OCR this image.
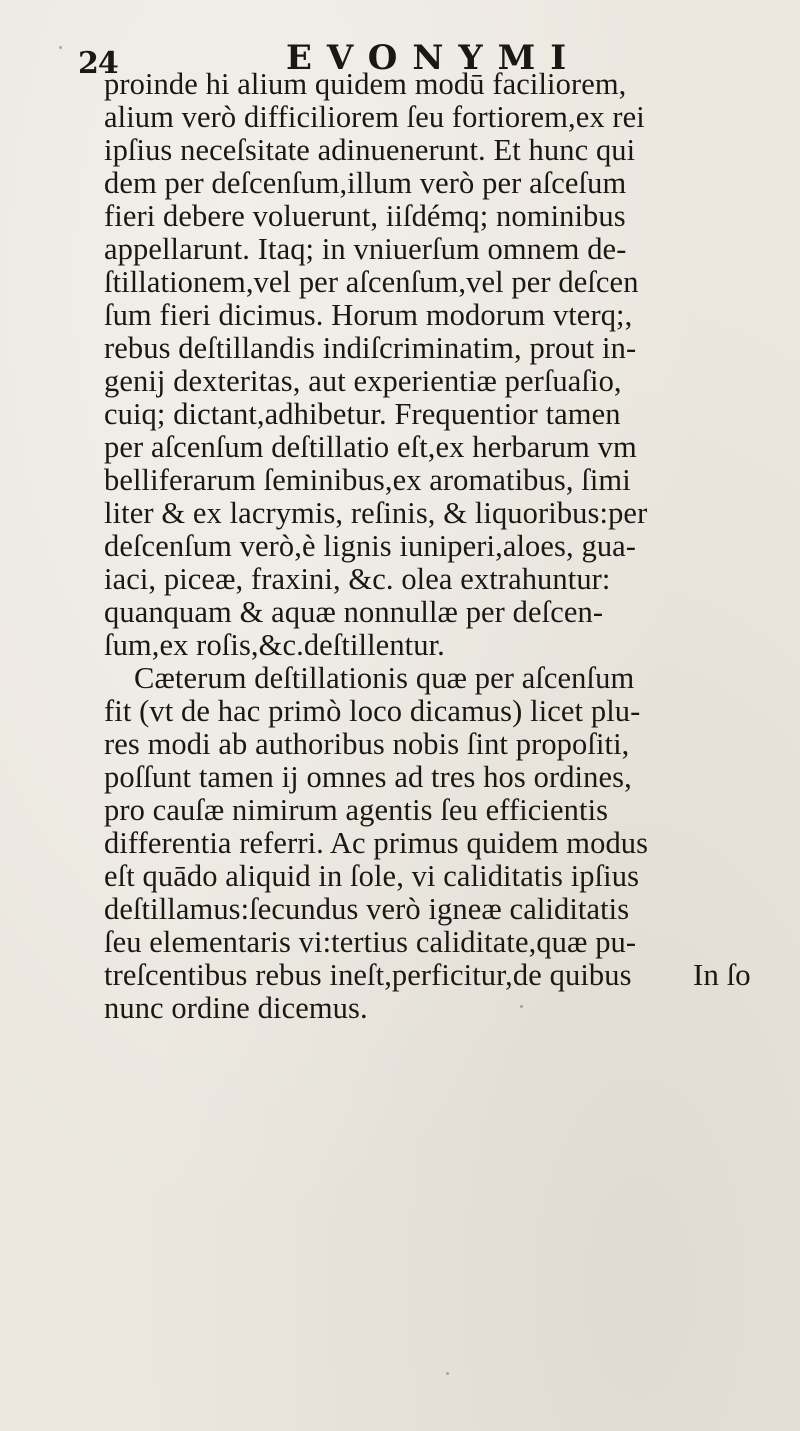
24	EVONYMI
proinde hi alium quidem modū faciliorem,
alium verò difficiliorem ſeu fortiorem,ex rei
ipſius neceſsitate adinuenerunt. Et hunc qui
dem per deſcenſum,illum verò per aſceſum
fieri debere voluerunt, iiſdémq; nominibus
appellarunt. Itaq; in vniuerſum omnem de-
ſtillationem,vel per aſcenſum,vel per deſcen
ſum fieri dicimus. Horum modorum vterq;,
rebus deſtillandis indiſcriminatim, prout in-
genij dexteritas, aut experientiæ perſuaſio,
cuiq; dictant,adhibetur. Frequentior tamen
per aſcenſum deſtillatio eſt,ex herbarum vm
belliferarum ſeminibus,ex aromatibus, ſimi
liter & ex lacrymis, reſinis, & liquoribus:per
deſcenſum verò,è lignis iuniperi,aloes, gua-
iaci, piceæ, fraxini, &c. olea extrahuntur:
quanquam & aquæ nonnullæ per deſcen-
ſum,ex roſis,&c.deſtillentur.
Cæterum deſtillationis quæ per aſcenſum
fit (vt de hac primò loco dicamus) licet plu-
res modi ab authoribus nobis ſint propoſiti,
poſſunt tamen ij omnes ad tres hos ordines,
pro cauſæ nimirum agentis ſeu efficientis
differentia referri. Ac primus quidem modus
eſt quādo aliquid in ſole, vi caliditatis ipſius
deſtillamus:ſecundus verò igneæ caliditatis
ſeu elementaris vi:tertius caliditate,quæ pu-
treſcentibus rebus ineſt,perficitur,de quibus
nunc ordine dicemus.
In ſo
